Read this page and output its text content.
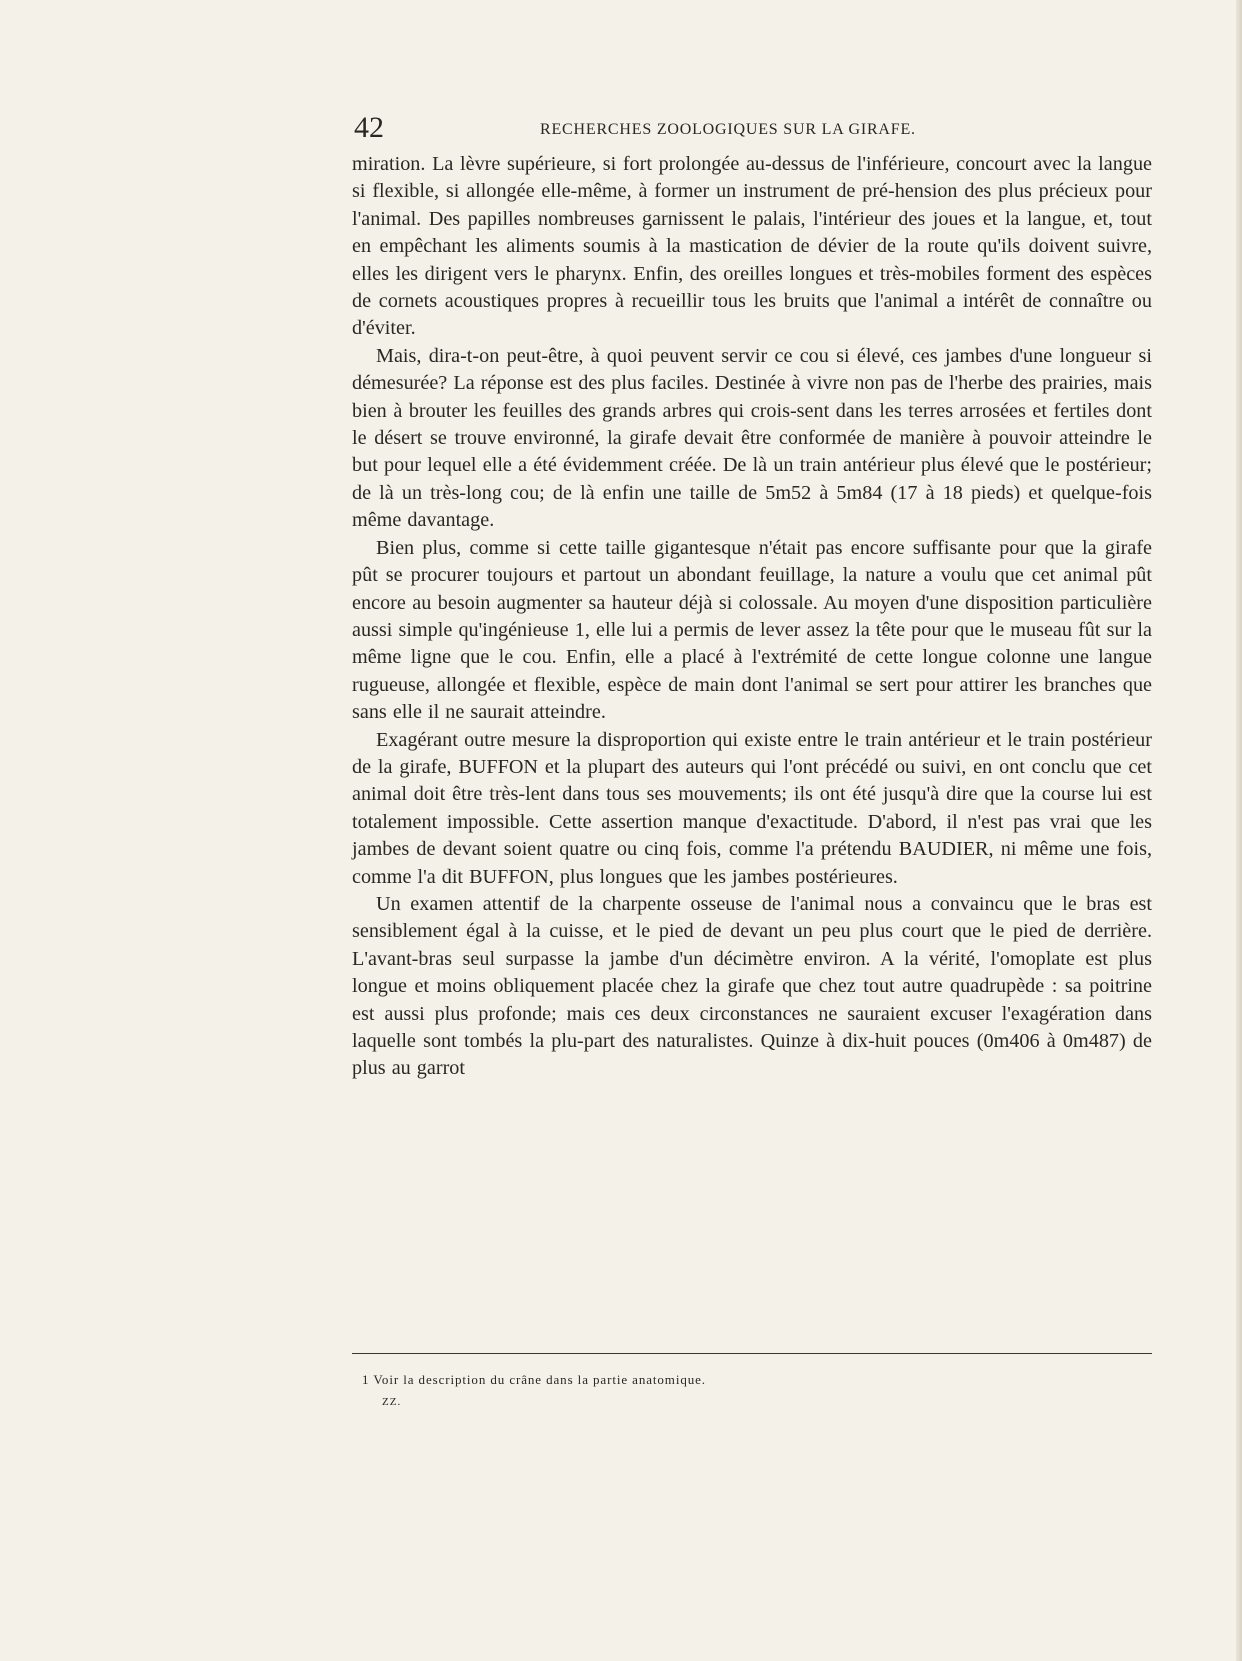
42	RECHERCHES ZOOLOGIQUES SUR LA GIRAFE.

miration. La lèvre supérieure, si fort prolongée au-dessus de l'inférieure, concourt avec la langue si flexible, si allongée elle-même, à former un instrument de pré-hension des plus précieux pour l'animal. Des papilles nombreuses garnissent le palais, l'intérieur des joues et la langue, et, tout en empêchant les aliments soumis à la mastication de dévier de la route qu'ils doivent suivre, elles les dirigent vers le pharynx. Enfin, des oreilles longues et très-mobiles forment des espèces de cornets acoustiques propres à recueillir tous les bruits que l'animal a intérêt de connaître ou d'éviter.

Mais, dira-t-on peut-être, à quoi peuvent servir ce cou si élevé, ces jambes d'une longueur si démesurée? La réponse est des plus faciles. Destinée à vivre non pas de l'herbe des prairies, mais bien à brouter les feuilles des grands arbres qui crois-sent dans les terres arrosées et fertiles dont le désert se trouve environné, la girafe devait être conformée de manière à pouvoir atteindre le but pour lequel elle a été évidemment créée. De là un train antérieur plus élevé que le postérieur; de là un très-long cou; de là enfin une taille de 5m52 à 5m84 (17 à 18 pieds) et quelque-fois même davantage.

Bien plus, comme si cette taille gigantesque n'était pas encore suffisante pour que la girafe pût se procurer toujours et partout un abondant feuillage, la nature a voulu que cet animal pût encore au besoin augmenter sa hauteur déjà si colossale. Au moyen d'une disposition particulière aussi simple qu'ingénieuse 1, elle lui a permis de lever assez la tête pour que le museau fût sur la même ligne que le cou. Enfin, elle a placé à l'extrémité de cette longue colonne une langue rugueuse, allongée et flexible, espèce de main dont l'animal se sert pour attirer les branches que sans elle il ne saurait atteindre.

Exagérant outre mesure la disproportion qui existe entre le train antérieur et le train postérieur de la girafe, BUFFON et la plupart des auteurs qui l'ont précédé ou suivi, en ont conclu que cet animal doit être très-lent dans tous ses mouvements; ils ont été jusqu'à dire que la course lui est totalement impossible. Cette assertion manque d'exactitude. D'abord, il n'est pas vrai que les jambes de devant soient quatre ou cinq fois, comme l'a prétendu BAUDIER, ni même une fois, comme l'a dit BUFFON, plus longues que les jambes postérieures.

Un examen attentif de la charpente osseuse de l'animal nous a convaincu que le bras est sensiblement égal à la cuisse, et le pied de devant un peu plus court que le pied de derrière. L'avant-bras seul surpasse la jambe d'un décimètre environ. A la vérité, l'omoplate est plus longue et moins obliquement placée chez la girafe que chez tout autre quadrupède : sa poitrine est aussi plus profonde; mais ces deux circonstances ne sauraient excuser l'exagération dans laquelle sont tombés la plu-part des naturalistes. Quinze à dix-huit pouces (0m406 à 0m487) de plus au garrot

1 Voir la description du crâne dans la partie anatomique.
ZZ.
